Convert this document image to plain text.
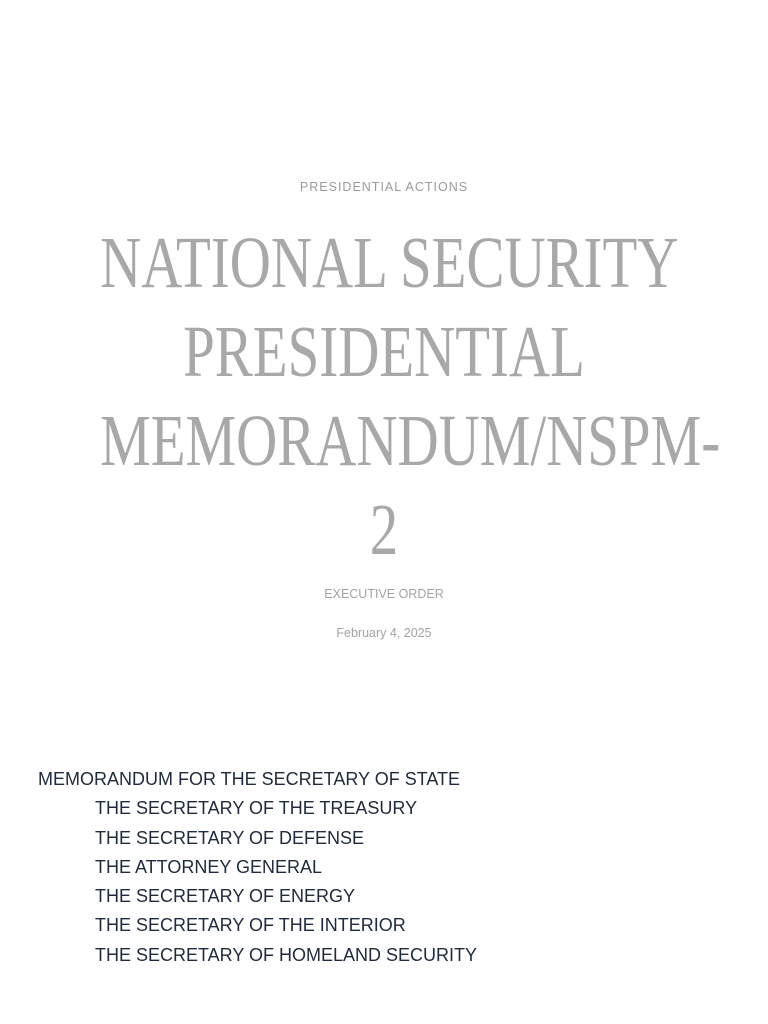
PRESIDENTIAL ACTIONS
NATIONAL SECURITY
PRESIDENTIAL
MEMORANDUM/NSPM-
2
EXECUTIVE ORDER
February 4, 2025
MEMORANDUM FOR THE SECRETARY OF STATE
THE SECRETARY OF THE TREASURY
THE SECRETARY OF DEFENSE
THE ATTORNEY GENERAL
THE SECRETARY OF ENERGY
THE SECRETARY OF THE INTERIOR
THE SECRETARY OF HOMELAND SECURITY
